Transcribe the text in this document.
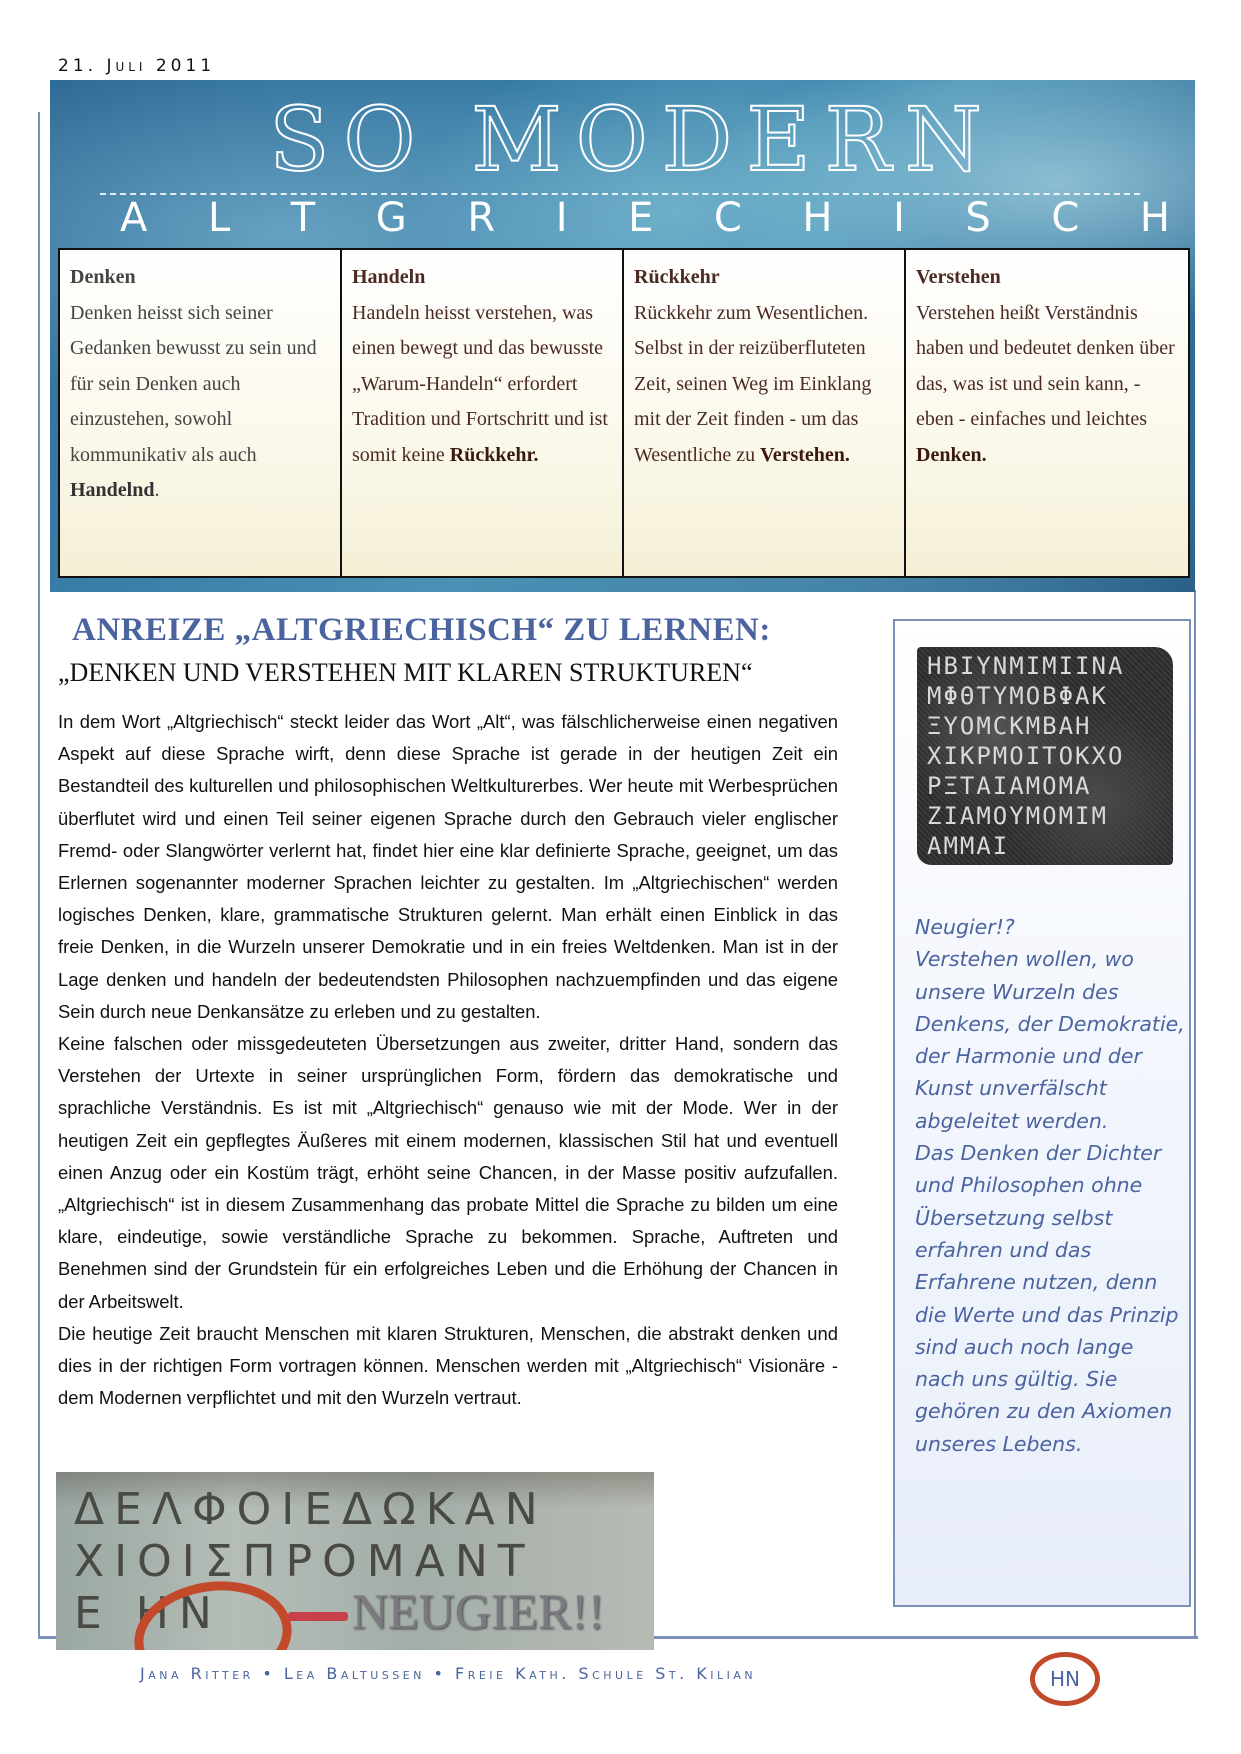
21. Juli 2011
SO MODERN
A L T G R I E C H I S C H
Denken
Denken heisst sich seiner Gedanken bewusst zu sein und für sein Denken auch einzustehen, sowohl kommunikativ als auch Handelnd.
Handeln
Handeln heisst verstehen, was einen bewegt und das bewusste „Warum-Handeln“ erfordert Tradition und Fortschritt und ist somit keine Rückkehr.
Rückkehr
Rückkehr zum Wesentlichen. Selbst in der reizüberfluteten Zeit, seinen Weg im Einklang mit der Zeit finden - um das Wesentliche zu Verstehen.
Verstehen
Verstehen heißt Verständnis haben und bedeutet denken über das, was ist und sein kann, - eben - einfaches und leichtes Denken.
ANREIZE „ALTGRIECHISCH“ ZU LERNEN:
„DENKEN UND VERSTEHEN MIT KLAREN STRUKTUREN“

In dem Wort „Altgriechisch“ steckt leider das Wort „Alt“, was fälschlicherweise einen negativen Aspekt auf diese Sprache wirft, denn diese Sprache ist gerade in der heutigen Zeit ein Bestandteil des kulturellen und philosophischen Weltkulturerbes. Wer heute mit Werbesprüchen überflutet wird und einen Teil seiner eigenen Sprache durch den Gebrauch vieler englischer Fremd- oder Slangwörter verlernt hat, findet hier eine klar definierte Sprache, geeignet, um das Erlernen sogenannter moderner Sprachen leichter zu gestalten. Im „Altgriechischen“ werden logisches Denken, klare, grammatische Strukturen gelernt. Man erhält einen Einblick in das freie Denken, in die Wurzeln unserer Demokratie und in ein freies Weltdenken. Man ist in der Lage denken und handeln der bedeutendsten Philosophen nachzuempfinden und das eigene Sein durch neue Denkansätze zu erleben und zu gestalten.

Keine falschen oder missgedeuteten Übersetzungen aus zweiter, dritter Hand, sondern das Verstehen der Urtexte in seiner ursprünglichen Form, fördern das demokratische und sprachliche Verständnis. Es ist mit „Altgriechisch“ genauso wie mit der Mode. Wer in der heutigen Zeit ein gepflegtes Äußeres mit einem modernen, klassischen Stil hat und eventuell einen Anzug oder ein Kostüm trägt, erhöht seine Chancen, in der Masse positiv aufzufallen. „Altgriechisch“ ist in diesem Zusammenhang das probate Mittel die Sprache zu bilden um eine klare, eindeutige, sowie verständliche Sprache zu bekommen. Sprache, Auftreten und Benehmen sind der Grundstein für ein erfolgreiches Leben und die Erhöhung der Chancen in der Arbeitswelt.

Die heutige Zeit braucht Menschen mit klaren Strukturen, Menschen, die abstrakt denken und dies in der richtigen Form vortragen können. Menschen werden mit „Altgriechisch“ Visionäre - dem Modernen verpflichtet und mit den Wurzeln vertraut.

ΗΒΙΥΝΜΙΜΙΙΝΑ
ΜΦΘΤΥΜΟΒΦΑΚ
ΞΥΟΜϹΚΜΒΑΗ
ΧΙΚΡΜΟΙΤΟΚΧΟ
ΡΞΤΑΙΑΜΟΜΑ
ΖΙΑΜΟΥΜΟΜΙΜ
ΑΜΜΑΙ

Neugier!?

Verstehen wollen, wo unsere Wurzeln des Denkens, der Demokratie, der Harmonie und der Kunst unverfälscht abgeleitet werden.

Das Denken der Dichter und Philosophen ohne Übersetzung selbst erfahren und das Erfahrene nutzen, denn die Werte und das Prinzip sind auch noch lange nach uns gültig. Sie gehören zu den Axiomen unseres Lebens.

ΔΕΛΦΟΙΕΔΩΚΑΝ
ΧΙΟΙΣΠΡΟΜΑΝΤ
Ε ΗΝ	NEUGIER!!
Jana Ritter • Lea Baltussen • Freie Kath. Schule St. Kilian	HN
